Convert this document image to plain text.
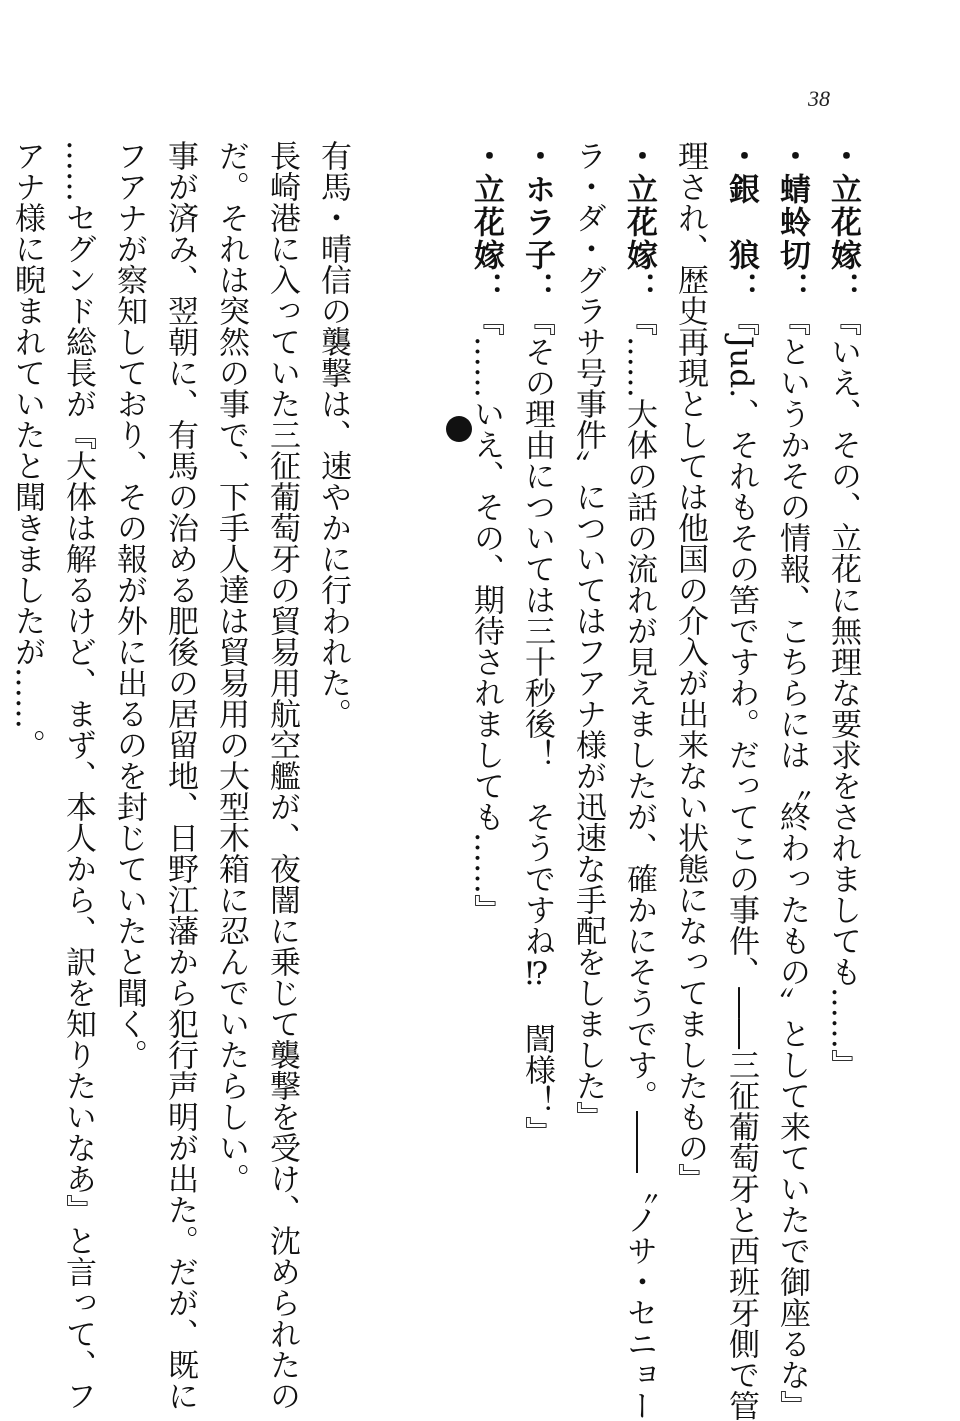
38
・立花嫁：『いえ、その、立花に無理な要求をされましても……』
・蜻蛉切：『というかその情報、こちらには〝終わったもの〟として来ていたで御座るな』
・銀　狼：『Jud.、それもその筈ですわ。だってこの事件、――三征葡萄牙と西班牙側で管
理され、歴史再現としては他国の介入が出来ない状態になってましたもの』
・立花嫁：『……大体の話の流れが見えましたが、確かにそうです。――〝ノサ・セニョー
ラ・ダ・グラサ号事件〟についてはフアナ様が迅速な手配をしました』
・ホラ子：『その理由については三十秒後！　そうですね⁉　誾様！』
・立花嫁：『……いえ、その、期待されましても……』
有馬・晴信の襲撃は、速やかに行われた。
長崎港に入っていた三征葡萄牙の貿易用航空艦が、夜闇に乗じて襲撃を受け、沈められたの
だ。それは突然の事で、下手人達は貿易用の大型木箱に忍んでいたらしい。
事が済み、翌朝に、有馬の治める肥後の居留地、日野江藩から犯行声明が出た。だが、既に
フアナが察知しており、その報が外に出るのを封じていたと聞く。
……セグンド総長が『大体は解るけど、まず、本人から、訳を知りたいなあ』と言って、フ
アナ様に睨まれていたと聞きましたが……。
